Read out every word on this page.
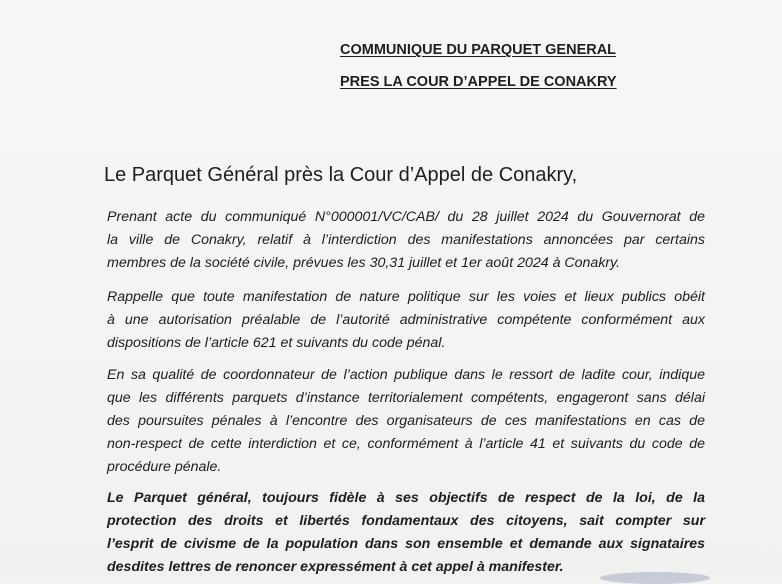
COMMUNIQUE DU PARQUET GENERAL
PRES LA COUR D’APPEL DE CONAKRY
Le Parquet Général près la Cour d’Appel de Conakry,
Prenant acte du communiqué N°000001/VC/CAB/ du 28 juillet 2024 du Gouvernorat de
la ville de Conakry, relatif à l’interdiction des manifestations annoncées par certains
membres de la société civile, prévues les 30,31 juillet et 1er août 2024 à Conakry.
Rappelle que toute manifestation de nature politique sur les voies et lieux publics obéit
à une autorisation préalable de l’autorité administrative compétente conformément aux
dispositions de l’article 621 et suivants du code pénal.
En sa qualité de coordonnateur de l’action publique dans le ressort de ladite cour, indique
que les différents parquets d’instance territorialement compétents, engageront sans délai
des poursuites pénales à l’encontre des organisateurs de ces manifestations en cas de
non-respect de cette interdiction et ce, conformément à l’article 41 et suivants du code de
procédure pénale.
Le Parquet général, toujours fidèle à ses objectifs de respect de la loi, de la
protection des droits et libertés fondamentaux des citoyens, sait compter sur
l’esprit de civisme de la population dans son ensemble et demande aux signataires
desdites lettres de renoncer expressément à cet appel à manifester.
